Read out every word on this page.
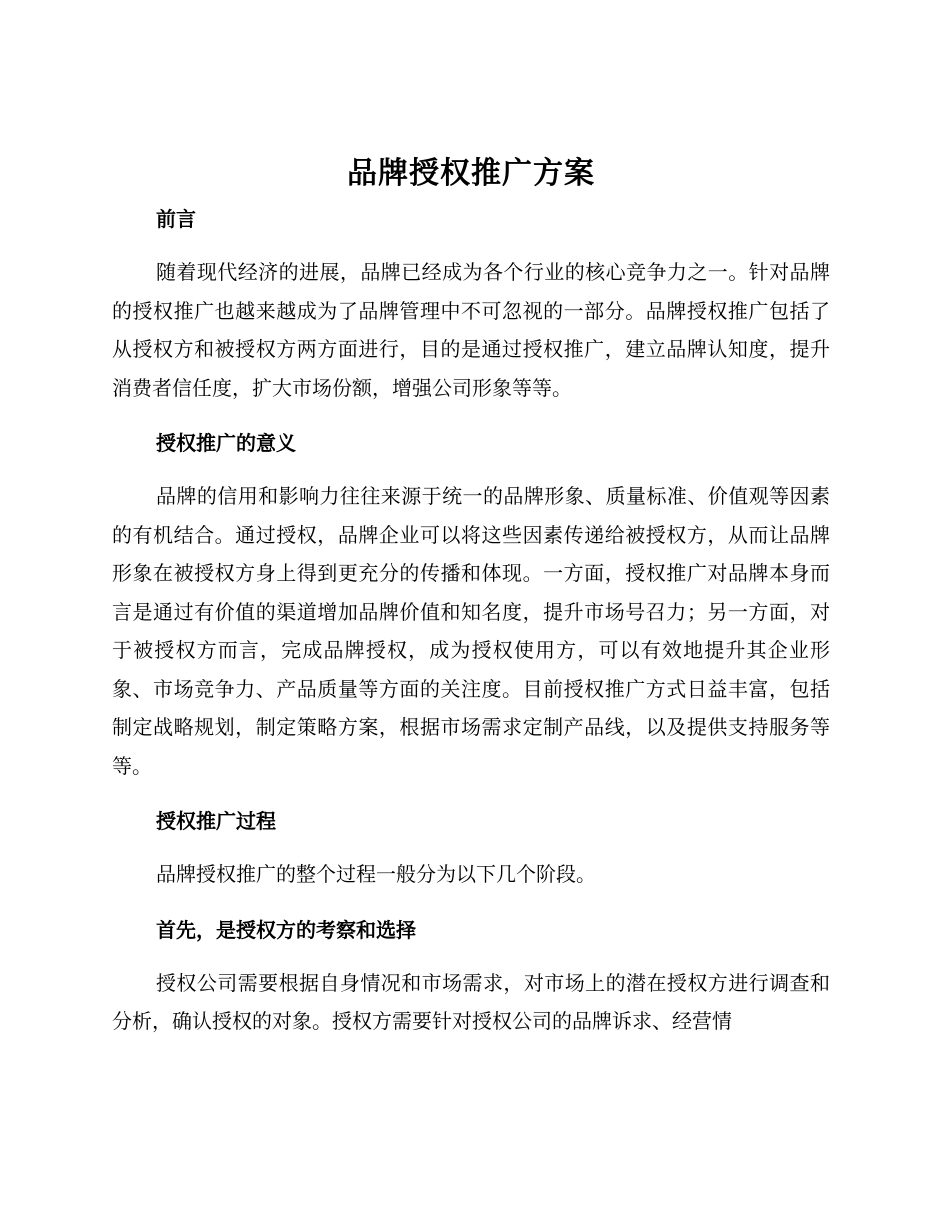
品牌授权推广方案
前言

随着现代经济的进展，品牌已经成为各个行业的核心竞争力之一。针对品牌的授权推广也越来越成为了品牌管理中不可忽视的一部分。品牌授权推广包括了从授权方和被授权方两方面进行，目的是通过授权推广，建立品牌认知度，提升消费者信任度，扩大市场份额，增强公司形象等等。

授权推广的意义

品牌的信用和影响力往往来源于统一的品牌形象、质量标准、价值观等因素的有机结合。通过授权，品牌企业可以将这些因素传递给被授权方，从而让品牌形象在被授权方身上得到更充分的传播和体现。一方面，授权推广对品牌本身而言是通过有价值的渠道增加品牌价值和知名度，提升市场号召力；另一方面，对于被授权方而言，完成品牌授权，成为授权使用方，可以有效地提升其企业形象、市场竞争力、产品质量等方面的关注度。目前授权推广方式日益丰富，包括制定战略规划，制定策略方案，根据市场需求定制产品线，以及提供支持服务等等。

授权推广过程

品牌授权推广的整个过程一般分为以下几个阶段。

首先，是授权方的考察和选择

授权公司需要根据自身情况和市场需求，对市场上的潜在授权方进行调查和分析，确认授权的对象。授权方需要针对授权公司的品牌诉求、经营情
